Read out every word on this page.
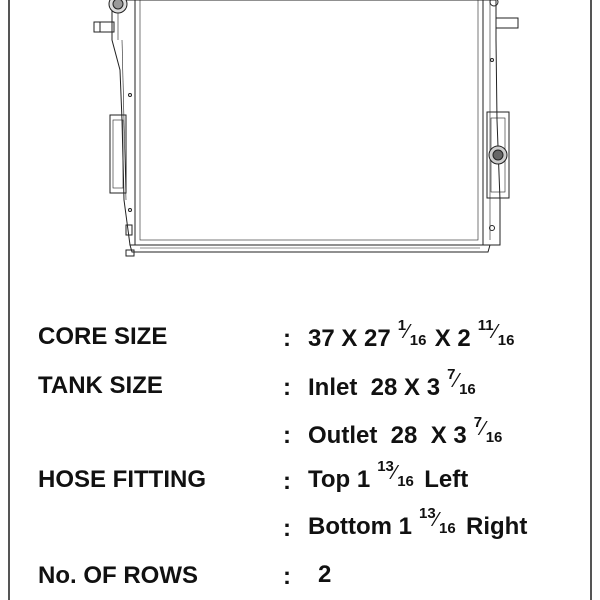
CORE SIZE	: 37 X 27 1 ⁄ 16 X 2 11 ⁄ 16
TANK SIZE	: Inlet  28 X 3 7 ⁄ 16
: Outlet  28  X 3 7 ⁄ 16
HOSE FITTING	: Top 1 13 ⁄ 16 Left
: Bottom 1 13 ⁄ 16 Right
No. OF ROWS	: 2
